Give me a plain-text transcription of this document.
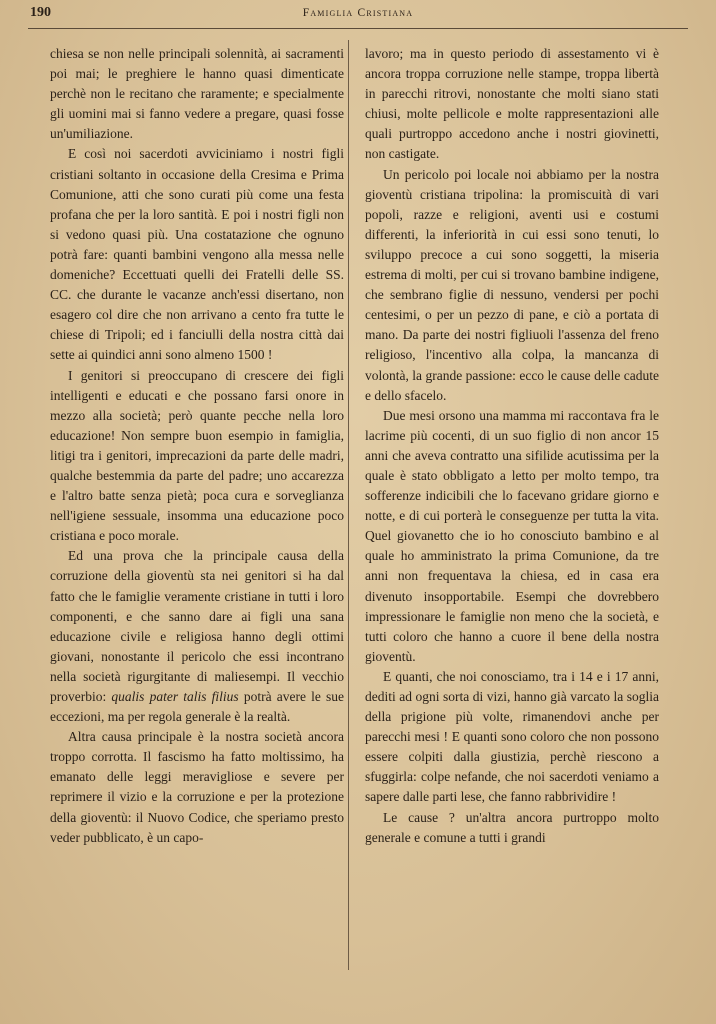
190	Famiglia Cristiana

chiesa se non nelle principali solennità, ai sacramenti poi mai; le preghiere le hanno quasi dimenticate perchè non le recitano che raramente; e specialmente gli uomini mai si fanno vedere a pregare, quasi fosse un'umiliazione.

E così noi sacerdoti avviciniamo i nostri figli cristiani soltanto in occasione della Cresima e Prima Comunione, atti che sono curati più come una festa profana che per la loro santità. E poi i nostri figli non si vedono quasi più. Una costatazione che ognuno potrà fare: quanti bambini vengono alla messa nelle domeniche? Eccettuati quelli dei Fratelli delle SS. CC. che durante le vacanze anch'essi disertano, non esagero col dire che non arrivano a cento fra tutte le chiese di Tripoli; ed i fanciulli della nostra città dai sette ai quindici anni sono almeno 1500 !

I genitori si preoccupano di crescere dei figli intelligenti e educati e che possano farsi onore in mezzo alla società; però quante pecche nella loro educazione! Non sempre buon esempio in famiglia, litigi tra i genitori, imprecazioni da parte delle madri, qualche bestemmia da parte del padre; uno accarezza e l'altro batte senza pietà; poca cura e sorveglianza nell'igiene sessuale, insomma una educazione poco cristiana e poco morale.

Ed una prova che la principale causa della corruzione della gioventù sta nei genitori si ha dal fatto che le famiglie veramente cristiane in tutti i loro componenti, e che sanno dare ai figli una sana educazione civile e religiosa hanno degli ottimi giovani, nonostante il pericolo che essi incontrano nella società rigurgitante di maliesempi. Il vecchio proverbio: qualis pater talis filius potrà avere le sue eccezioni, ma per regola generale è la realtà.

Altra causa principale è la nostra società ancora troppo corrotta. Il fascismo ha fatto moltissimo, ha emanato delle leggi meravigliose e severe per reprimere il vizio e la corruzione e per la protezione della gioventù: il Nuovo Codice, che speriamo presto veder pubblicato, è un capo-

lavoro; ma in questo periodo di assestamento vi è ancora troppa corruzione nelle stampe, troppa libertà in parecchi ritrovi, nonostante che molti siano stati chiusi, molte pellicole e molte rappresentazioni alle quali purtroppo accedono anche i nostri giovinetti, non castigate.

Un pericolo poi locale noi abbiamo per la nostra gioventù cristiana tripolina: la promiscuità di vari popoli, razze e religioni, aventi usi e costumi differenti, la inferiorità in cui essi sono tenuti, lo sviluppo precoce a cui sono soggetti, la miseria estrema di molti, per cui si trovano bambine indigene, che sembrano figlie di nessuno, vendersi per pochi centesimi, o per un pezzo di pane, e ciò a portata di mano. Da parte dei nostri figliuoli l'assenza del freno religioso, l'incentivo alla colpa, la mancanza di volontà, la grande passione: ecco le cause delle cadute e dello sfacelo.

Due mesi orsono una mamma mi raccontava fra le lacrime più cocenti, di un suo figlio di non ancor 15 anni che aveva contratto una sifilide acutissima per la quale è stato obbligato a letto per molto tempo, tra sofferenze indicibili che lo facevano gridare giorno e notte, e di cui porterà le conseguenze per tutta la vita. Quel giovanetto che io ho conosciuto bambino e al quale ho amministrato la prima Comunione, da tre anni non frequentava la chiesa, ed in casa era divenuto insopportabile. Esempi che dovrebbero impressionare le famiglie non meno che la società, e tutti coloro che hanno a cuore il bene della nostra gioventù.

E quanti, che noi conosciamo, tra i 14 e i 17 anni, dediti ad ogni sorta di vizi, hanno già varcato la soglia della prigione più volte, rimanendovi anche per parecchi mesi ! E quanti sono coloro che non possono essere colpiti dalla giustizia, perchè riescono a sfuggirla: colpe nefande, che noi sacerdoti veniamo a sapere dalle parti lese, che fanno rabbrividire !

Le cause ? un'altra ancora purtroppo molto generale e comune a tutti i grandi
